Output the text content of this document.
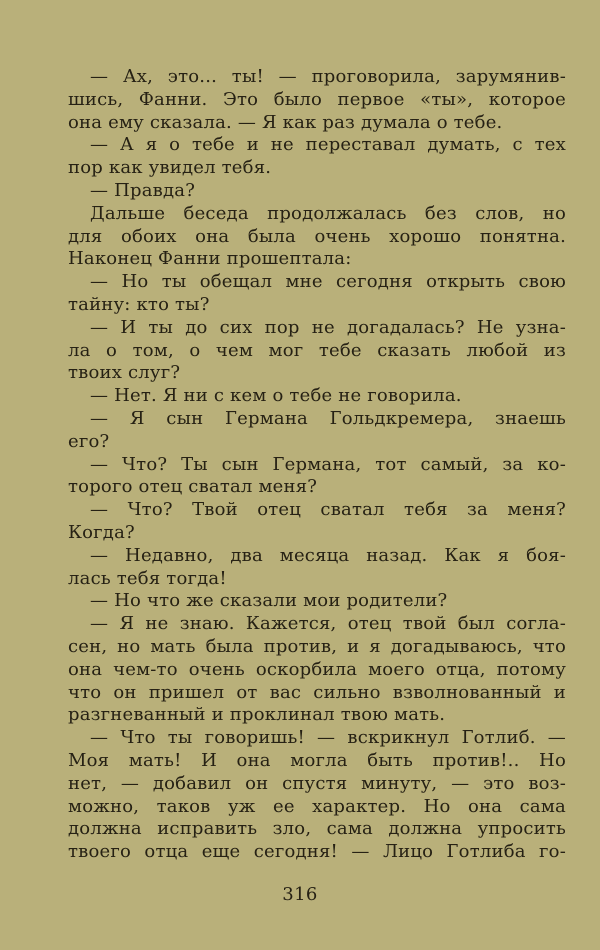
— Ах, это... ты! — проговорила, зарумянив-
шись, Фанни. Это было первое «ты», которое
она ему сказала. — Я как раз думала о тебе.
— А я о тебе и не переставал думать, с тех
пор как увидел тебя.
— Правда?
Дальше беседа продолжалась без слов, но
для обоих она была очень хорошо понятна.
Наконец Фанни прошептала:
— Но ты обещал мне сегодня открыть свою
тайну: кто ты?
— И ты до сих пор не догадалась? Не узна-
ла о том, о чем мог тебе сказать любой из
твоих слуг?
— Нет. Я ни с кем о тебе не говорила.
— Я сын Германа Гольдкремера, знаешь
его?
— Что? Ты сын Германа, тот самый, за ко-
торого отец сватал меня?
— Что? Твой отец сватал тебя за меня?
Когда?
— Недавно, два месяца назад. Как я боя-
лась тебя тогда!
— Но что же сказали мои родители?
— Я не знаю. Кажется, отец твой был согла-
сен, но мать была против, и я догадываюсь, что
она чем-то очень оскорбила моего отца, потому
что он пришел от вас сильно взволнованный и
разгневанный и проклинал твою мать.
— Что ты говоришь! — вскрикнул Готлиб. —
Моя мать! И она могла быть против!.. Но
нет, — добавил он спустя минуту, — это воз-
можно, таков уж ее характер. Но она сама
должна исправить зло, сама должна упросить
твоего отца еще сегодня! — Лицо Готлиба го-
316
